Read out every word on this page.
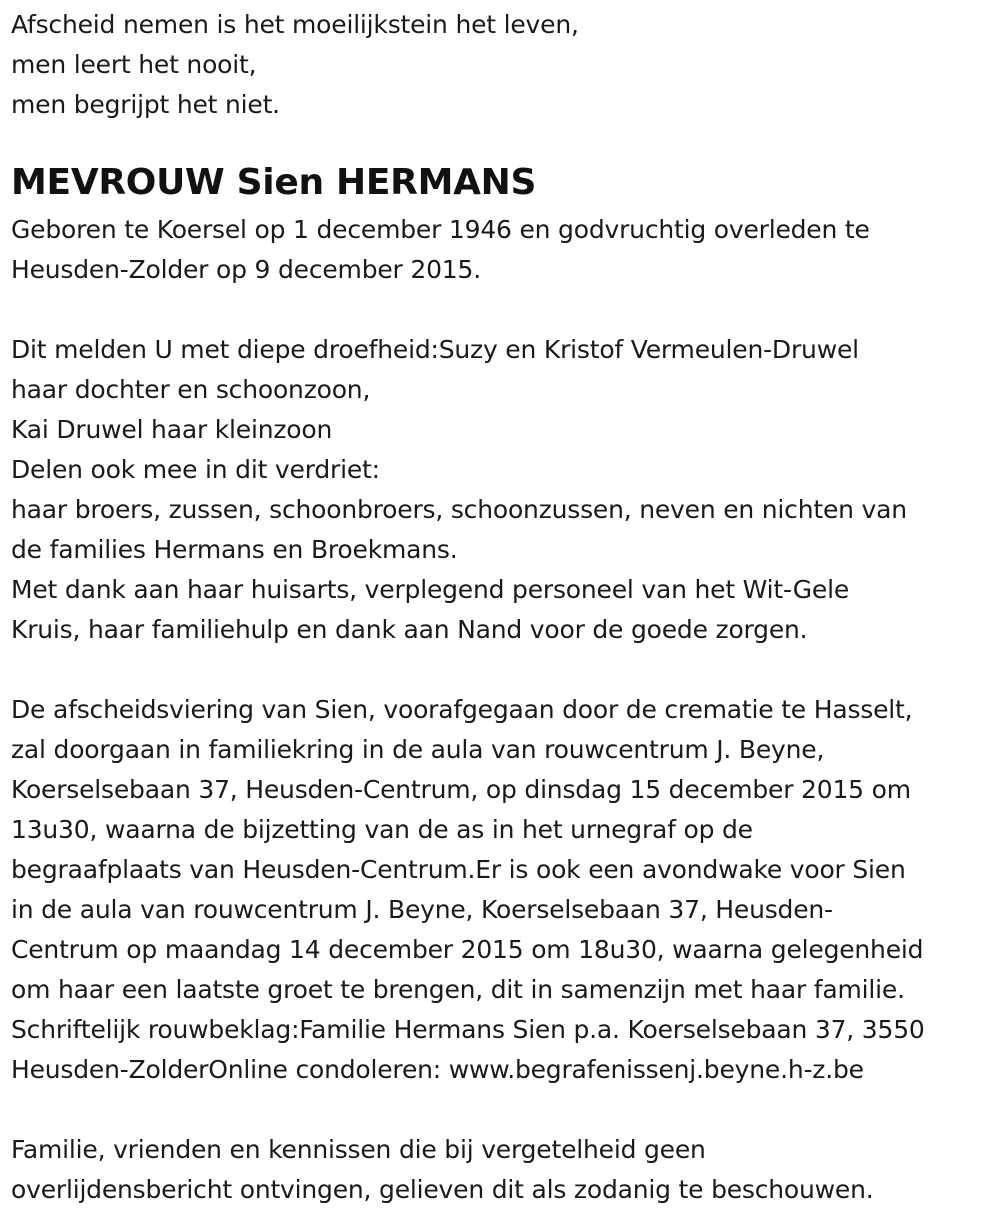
Afscheid nemen is het moeilijkstein het leven,
men leert het nooit,
men begrijpt het niet.
MEVROUW Sien HERMANS
Geboren te Koersel op 1 december 1946 en godvruchtig overleden te
Heusden-Zolder op 9 december 2015.
Dit melden U met diepe droefheid:Suzy en Kristof Vermeulen-Druwel
haar dochter en schoonzoon,
Kai Druwel haar kleinzoon
Delen ook mee in dit verdriet:
haar broers, zussen, schoonbroers, schoonzussen, neven en nichten van
de families Hermans en Broekmans.
Met dank aan haar huisarts, verplegend personeel van het Wit-Gele
Kruis, haar familiehulp en dank aan Nand voor de goede zorgen.
De afscheidsviering van Sien, voorafgegaan door de crematie te Hasselt,
zal doorgaan in familiekring in de aula van rouwcentrum J. Beyne,
Koerselsebaan 37, Heusden-Centrum, op dinsdag 15 december 2015 om
13u30, waarna de bijzetting van de as in het urnegraf op de
begraafplaats van Heusden-Centrum.Er is ook een avondwake voor Sien
in de aula van rouwcentrum J. Beyne, Koerselsebaan 37, Heusden-
Centrum op maandag 14 december 2015 om 18u30, waarna gelegenheid
om haar een laatste groet te brengen, dit in samenzijn met haar familie.
Schriftelijk rouwbeklag:Familie Hermans Sien p.a. Koerselsebaan 37, 3550
Heusden-ZolderOnline condoleren: www.begrafenissenj.beyne.h-z.be
Familie, vrienden en kennissen die bij vergetelheid geen
overlijdensbericht ontvingen, gelieven dit als zodanig te beschouwen.
